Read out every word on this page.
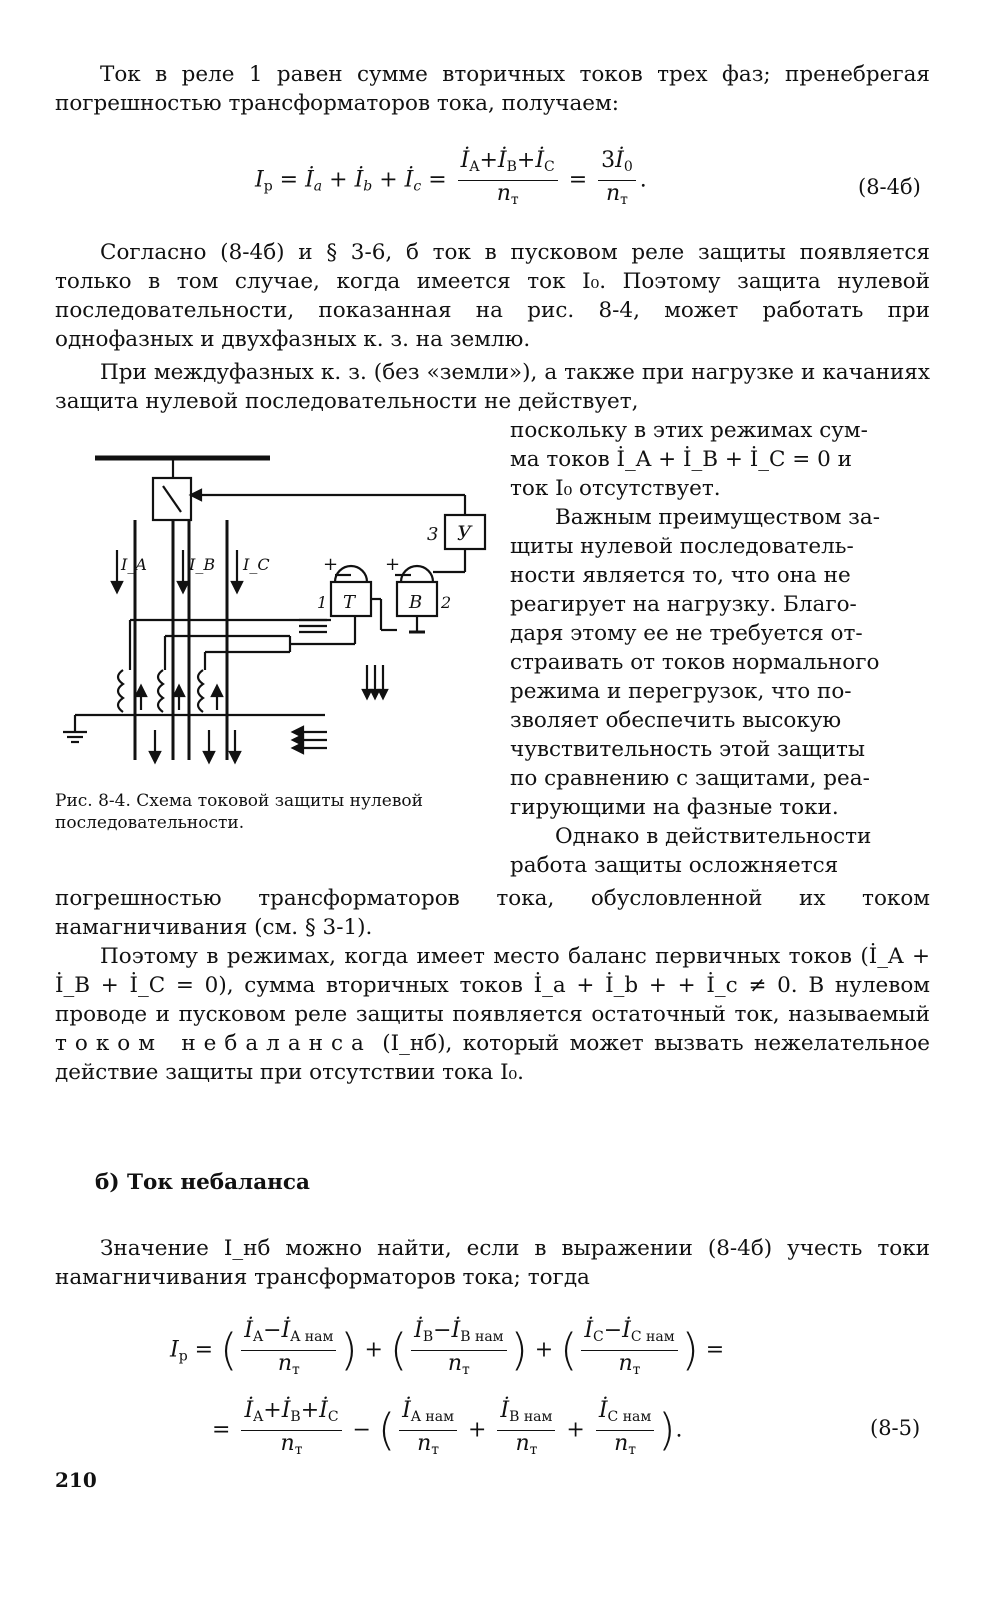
Ток в реле 1 равен сумме вторичных токов трех фаз; пренебрегая погрешностью трансформаторов тока, получаем:

$I_р$ = $İ_a$ + $İ_b$ + $İ_c = \frac{İ_A+İ_B+İ_C}{n_т} = \frac{3İ_0}{n_т}$ .	(8-4б)

Согласно (8-4б) и § 3-6, б ток в пусковом реле защиты появляется только в том случае, когда имеется ток I₀. Поэтому защита нулевой последовательности, показанная на рис. 8-4, может работать при однофазных и двухфазных к. з. на землю.

При междуфазных к. з. (без «земли»), а также при нагрузке и качаниях защита нулевой последовательности не действует,

поскольку в этих режимах сум-
ма токов İ_A + İ_B + İ_C = 0 и
ток I₀ отсутствует.
Важным преимуществом за-
щиты нулевой последователь-
ности является то, что она не
реагирует на нагрузку. Благо-
даря этому ее не требуется от-
страивать от токов нормального
режима и перегрузок, что по-
зволяет обеспечить высокую
чувствительность этой защиты
по сравнению с защитами, реа-
гирующими на фазные токи.
Однако в действительности
работа защиты осложняется
У
3
Т
1
+
В 2
+
I_A	I_B I_C
Рис. 8-4. Схема токовой защиты нулевой последовательности.

погрешностью трансформаторов тока, обусловленной их током намагничивания (см. § 3-1).

Поэтому в режимах, когда имеет место баланс первичных токов (İ_A + İ_B + İ_C = 0), сумма вторичных токов İ_a + İ_b + + İ_c ≠ 0. В нулевом проводе и пусковом реле защиты появляется остаточный ток, называемый током небаланса (I_нб), который может вызвать нежелательное действие защиты при отсутствии тока I₀.

б) Ток небаланса

Значение I_нб можно найти, если в выражении (8-4б) учесть токи намагничивания трансформаторов тока; тогда

$I_р$ = ( $\frac{İ_A-İ_{A нам}}{n_т}$ ) + ( $\frac{İ_B-İ_{B нам}}{n_т}$ ) + ( $\frac{İ_C-İ_{C нам}}{n_т}$ ) =
= $\frac{İ_A+İ_B+İ_C}{n_т}$ − ( $\frac{İ_{A нам}}{n_т} + \frac{İ_{B нам}}{n_т} + \frac{İ_{C нам}}{n_т}$ ).	(8-5)
210
